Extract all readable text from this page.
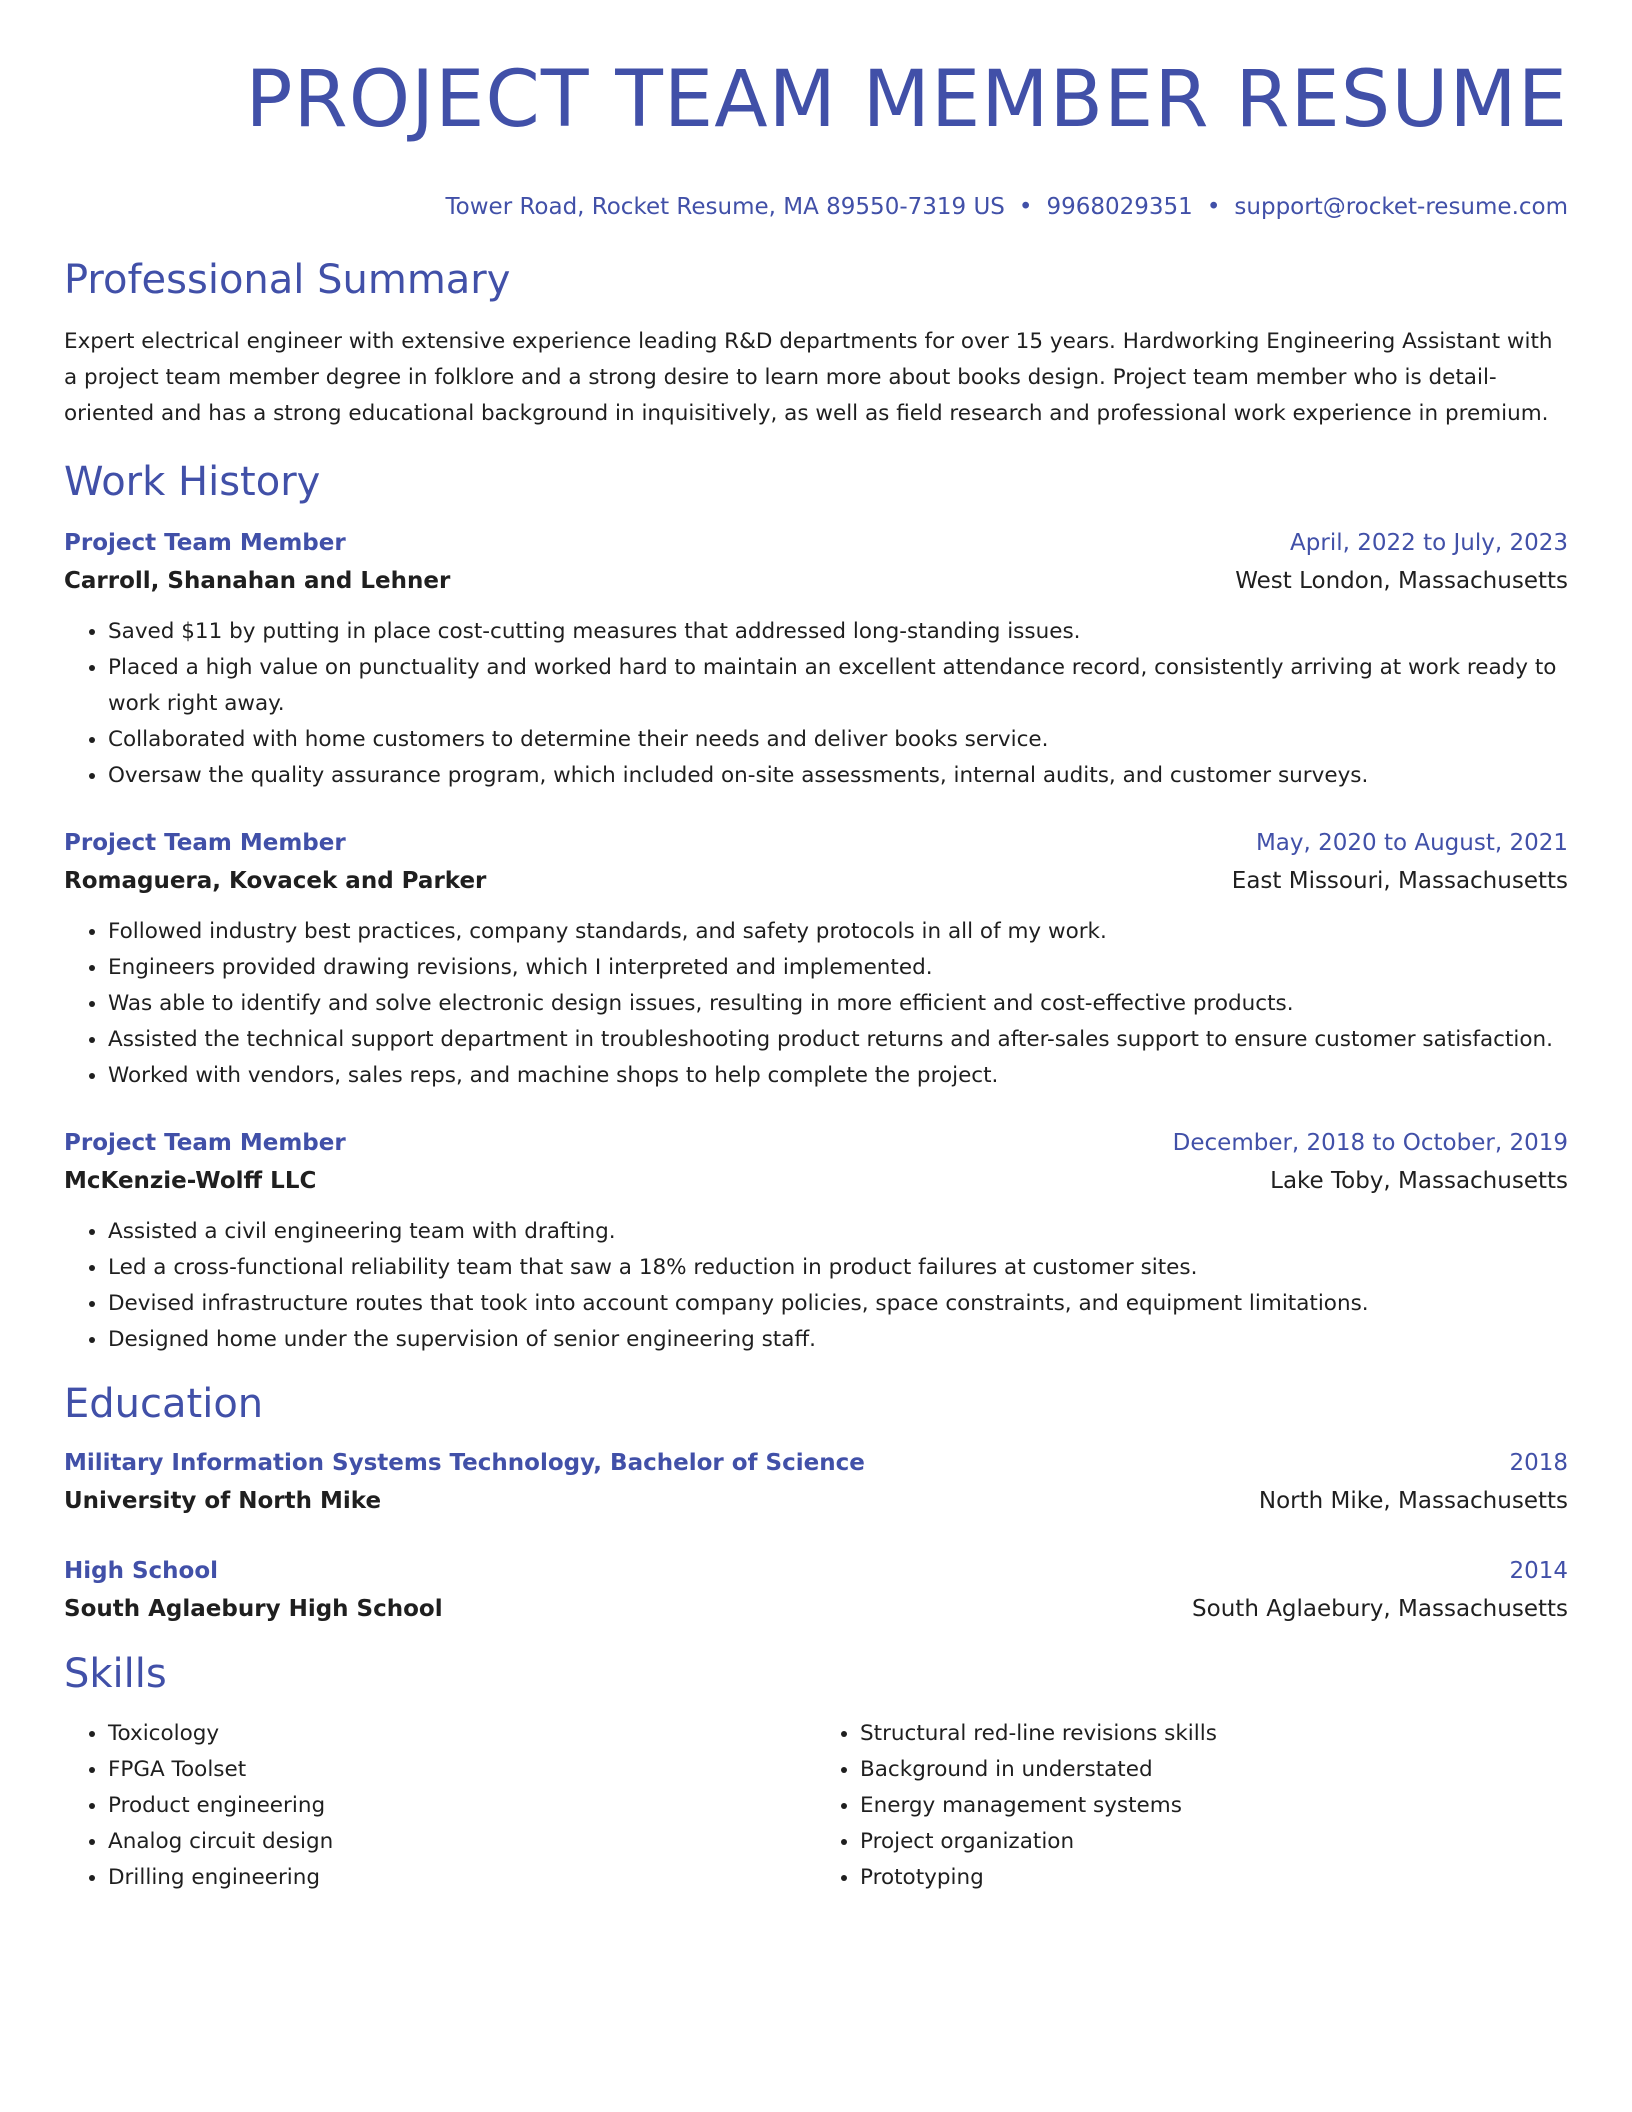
PROJECT TEAM MEMBER RESUME
Tower Road, Rocket Resume, MA 89550-7319 US • 9968029351 • support@rocket-resume.com
Professional Summary
Expert electrical engineer with extensive experience leading R&D departments for over 15 years. Hardworking Engineering Assistant with a project team member degree in folklore and a strong desire to learn more about books design. Project team member who is detail-oriented and has a strong educational background in inquisitively, as well as field research and professional work experience in premium.
Work History
Project Team Member	April, 2022 to July, 2023
Carroll, Shanahan and Lehner	West London, Massachusetts
• Saved $11 by putting in place cost-cutting measures that addressed long-standing issues.
• Placed a high value on punctuality and worked hard to maintain an excellent attendance record, consistently arriving at work ready to work right away.
• Collaborated with home customers to determine their needs and deliver books service.
• Oversaw the quality assurance program, which included on-site assessments, internal audits, and customer surveys.
Project Team Member	May, 2020 to August, 2021
Romaguera, Kovacek and Parker	East Missouri, Massachusetts
• Followed industry best practices, company standards, and safety protocols in all of my work.
• Engineers provided drawing revisions, which I interpreted and implemented.
• Was able to identify and solve electronic design issues, resulting in more efficient and cost-effective products.
• Assisted the technical support department in troubleshooting product returns and after-sales support to ensure customer satisfaction.
• Worked with vendors, sales reps, and machine shops to help complete the project.
Project Team Member	December, 2018 to October, 2019
McKenzie-Wolff LLC	Lake Toby, Massachusetts
• Assisted a civil engineering team with drafting.
• Led a cross-functional reliability team that saw a 18% reduction in product failures at customer sites.
• Devised infrastructure routes that took into account company policies, space constraints, and equipment limitations.
• Designed home under the supervision of senior engineering staff.
Education
Military Information Systems Technology, Bachelor of Science	2018
University of North Mike	North Mike, Massachusetts
High School	2014
South Aglaebury High School	South Aglaebury, Massachusetts
Skills
• Toxicology
• FPGA Toolset
• Product engineering
• Analog circuit design
• Drilling engineering
• Structural red-line revisions skills
• Background in understated
• Energy management systems
• Project organization
• Prototyping
